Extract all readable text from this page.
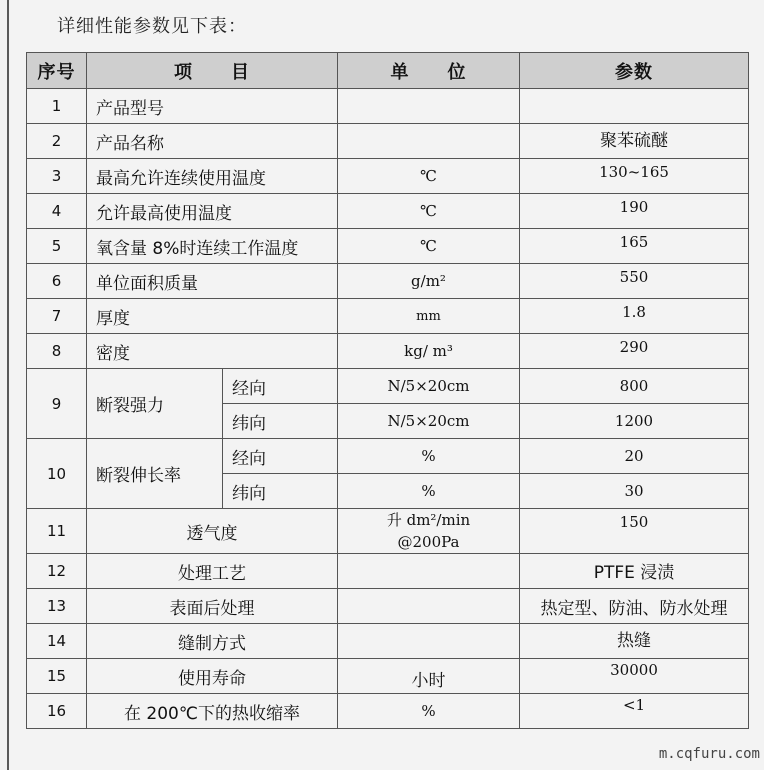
详细性能参数见下表：
序号	项　　目		单　　位	参数
1	产品型号			
2	产品名称			聚苯硫醚
3	最高允许连续使用温度		℃	130~165
4	允许最高使用温度		℃	190
5	氧含量 8%时连续工作温度		℃	165
6	单位面积质量		g/m²	550
7	厚度		mm	1.8
8	密度		kg/ m³	290
9	断裂强力	经向	N/5×20cm	800
		纬向	N/5×20cm	1200
10	断裂伸长率	经向	%	20
		纬向	%	30
11	透气度		升 dm²/min
@200Pa	150
12	处理工艺			PTFE 浸渍
13	表面后处理			热定型、防油、防水处理
14	缝制方式			热缝
15	使用寿命		小时	30000
16	在 200℃下的热收缩率		%	<1
m.cqfuru.com
